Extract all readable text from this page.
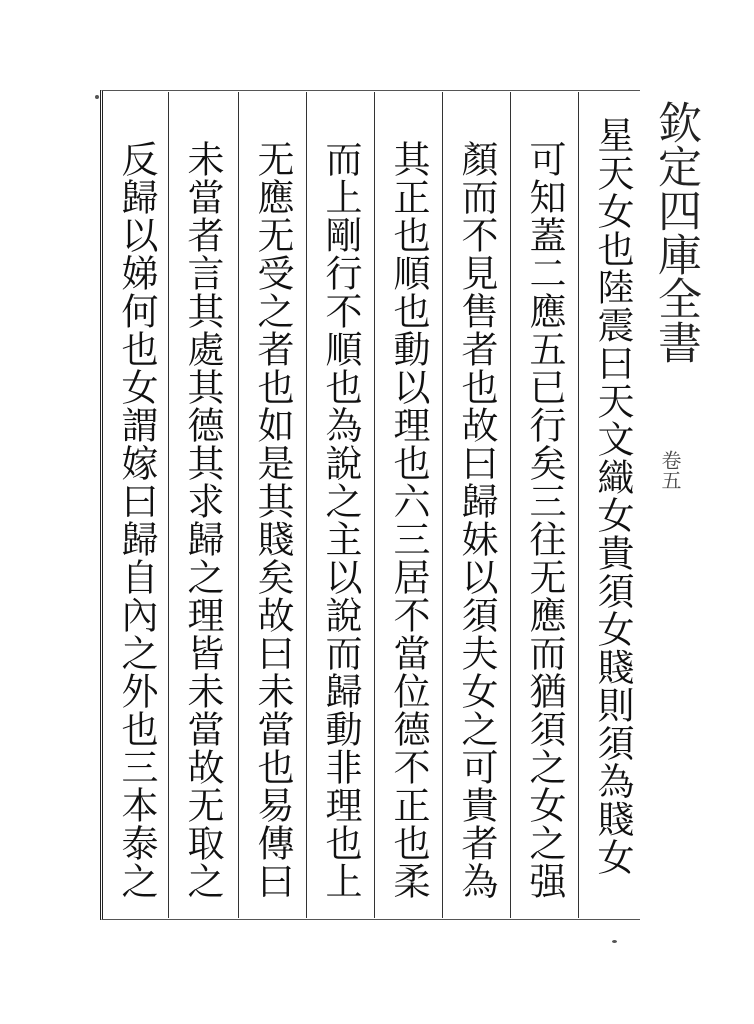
欽定四庫全書
卷五
星天女也陸震曰天文織女貴須女賤則須為賤女
可知蓋二應五已行矣三往无應而猶須之女之强
顏而不見售者也故曰歸妹以須夫女之可貴者為
其正也順也動以理也六三居不當位德不正也柔
而上剛行不順也為說之主以說而歸動非理也上
无應无受之者也如是其賤矣故曰未當也易傳曰
未當者言其處其德其求歸之理皆未當故无取之
反歸以娣何也女謂嫁曰歸自內之外也三本泰之
